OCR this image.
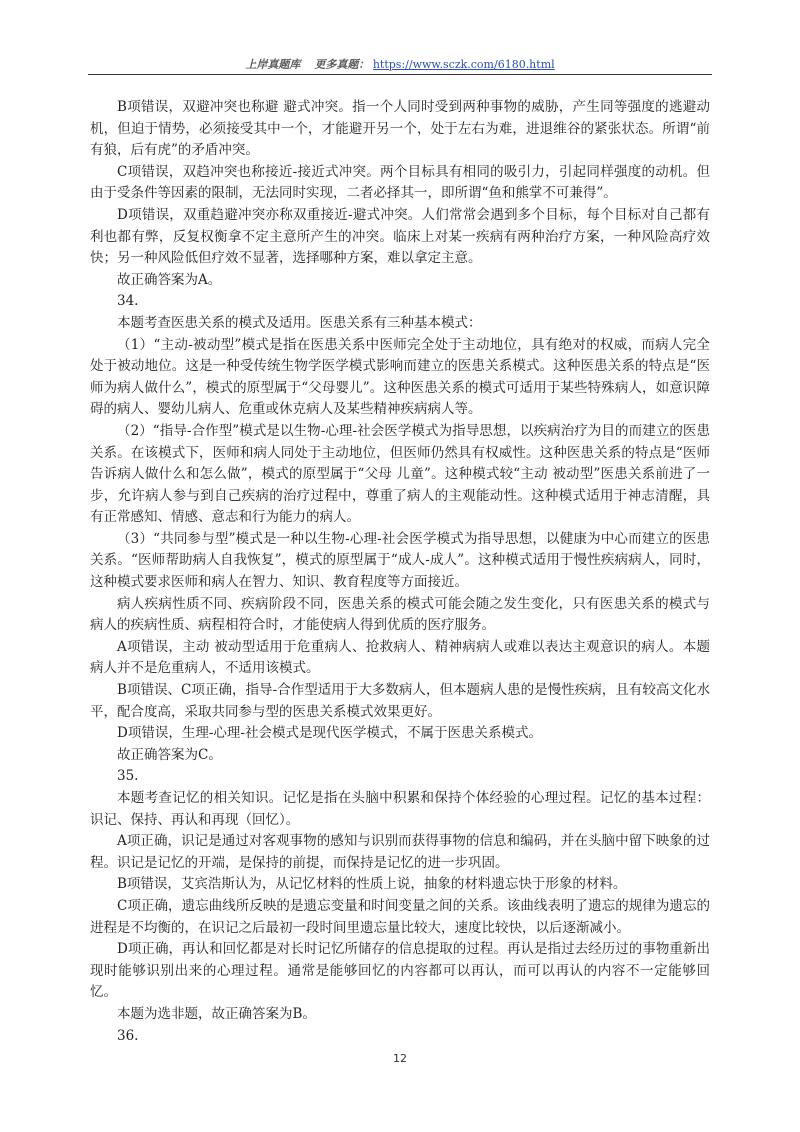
上岸真题库 更多真题： https://www.sczk.com/6180.html

B项错误，双避冲突也称避 避式冲突。指一个人同时受到两种事物的威胁，产生同等强度的逃避动机，但迫于情势，必须接受其中一个，才能避开另一个，处于左右为难，进退维谷的紧张状态。所谓“前有狼，后有虎”的矛盾冲突。

C项错误，双趋冲突也称接近-接近式冲突。两个目标具有相同的吸引力，引起同样强度的动机。但由于受条件等因素的限制，无法同时实现，二者必择其一，即所谓“鱼和熊掌不可兼得”。

D项错误，双重趋避冲突亦称双重接近-避式冲突。人们常常会遇到多个目标，每个目标对自己都有利也都有弊，反复权衡拿不定主意所产生的冲突。临床上对某一疾病有两种治疗方案，一种风险高疗效快；另一种风险低但疗效不显著，选择哪种方案，难以拿定主意。

故正确答案为A。

34.

本题考查医患关系的模式及适用。医患关系有三种基本模式：

（1）“主动-被动型”模式是指在医患关系中医师完全处于主动地位，具有绝对的权威，而病人完全处于被动地位。这是一种受传统生物学医学模式影响而建立的医患关系模式。这种医患关系的特点是“医师为病人做什么”，模式的原型属于“父母婴儿”。这种医患关系的模式可适用于某些特殊病人，如意识障碍的病人、婴幼儿病人、危重或休克病人及某些精神疾病病人等。

（2）“指导-合作型”模式是以生物-心理-社会医学模式为指导思想，以疾病治疗为目的而建立的医患关系。在该模式下，医师和病人同处于主动地位，但医师仍然具有权威性。这种医患关系的特点是“医师告诉病人做什么和怎么做”，模式的原型属于“父母 儿童”。这种模式较“主动 被动型”医患关系前进了一步，允许病人参与到自己疾病的治疗过程中，尊重了病人的主观能动性。这种模式适用于神志清醒，具有正常感知、情感、意志和行为能力的病人。

（3）“共同参与型”模式是一种以生物-心理-社会医学模式为指导思想，以健康为中心而建立的医患关系。“医师帮助病人自我恢复”，模式的原型属于“成人-成人”。这种模式适用于慢性疾病病人，同时，这种模式要求医师和病人在智力、知识、教育程度等方面接近。

病人疾病性质不同、疾病阶段不同，医患关系的模式可能会随之发生变化，只有医患关系的模式与病人的疾病性质、病程相符合时，才能使病人得到优质的医疗服务。

A项错误，主动 被动型适用于危重病人、抢救病人、精神病病人或难以表达主观意识的病人。本题病人并不是危重病人，不适用该模式。

B项错误、C项正确，指导-合作型适用于大多数病人，但本题病人患的是慢性疾病，且有较高文化水平，配合度高，采取共同参与型的医患关系模式效果更好。

D项错误，生理-心理-社会模式是现代医学模式，不属于医患关系模式。

故正确答案为C。

35.

本题考查记忆的相关知识。记忆是指在头脑中积累和保持个体经验的心理过程。记忆的基本过程：识记、保持、再认和再现（回忆）。

A项正确，识记是通过对客观事物的感知与识别而获得事物的信息和编码，并在头脑中留下映象的过程。识记是记忆的开端，是保持的前提，而保持是记忆的进一步巩固。

B项错误，艾宾浩斯认为，从记忆材料的性质上说，抽象的材料遗忘快于形象的材料。

C项正确，遗忘曲线所反映的是遗忘变量和时间变量之间的关系。该曲线表明了遗忘的规律为遗忘的进程是不均衡的，在识记之后最初一段时间里遗忘量比较大，速度比较快，以后逐渐减小。

D项正确，再认和回忆都是对长时记忆所储存的信息提取的过程。再认是指过去经历过的事物重新出现时能够识别出来的心理过程。通常是能够回忆的内容都可以再认，而可以再认的内容不一定能够回忆。

本题为选非题，故正确答案为B。

36.

12
